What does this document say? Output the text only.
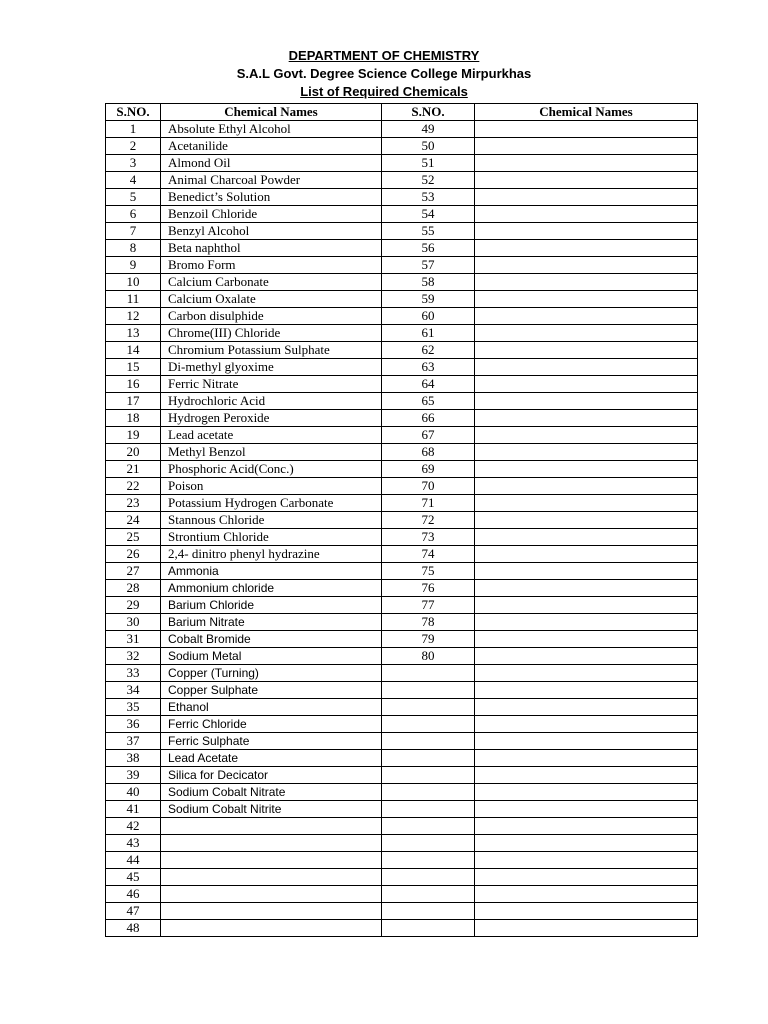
DEPARTMENT OF CHEMISTRY
S.A.L Govt. Degree Science College Mirpurkhas
List of Required Chemicals
S.NO.	Chemical Names	S.NO.	Chemical Names
1	Absolute Ethyl Alcohol	49	
2	Acetanilide	50	
3	Almond Oil	51	
4	Animal Charcoal Powder	52	
5	Benedict’s Solution	53	
6	Benzoil Chloride	54	
7	Benzyl Alcohol	55	
8	Beta naphthol	56	
9	Bromo Form	57	
10	Calcium Carbonate	58	
11	Calcium Oxalate	59	
12	Carbon disulphide	60	
13	Chrome(III) Chloride	61	
14	Chromium Potassium Sulphate	62	
15	Di-methyl glyoxime	63	
16	Ferric Nitrate	64	
17	Hydrochloric Acid	65	
18	Hydrogen Peroxide	66	
19	Lead acetate	67	
20	Methyl Benzol	68	
21	Phosphoric Acid(Conc.)	69	
22	Poison	70	
23	Potassium Hydrogen Carbonate	71	
24	Stannous Chloride	72	
25	Strontium Chloride	73	
26	2,4- dinitro phenyl hydrazine	74	
27	Ammonia	75	
28	Ammonium chloride	76	
29	Barium Chloride	77	
30	Barium Nitrate	78	
31	Cobalt Bromide	79	
32	Sodium Metal	80	
33	Copper (Turning)		
34	Copper Sulphate		
35	Ethanol		
36	Ferric Chloride		
37	Ferric Sulphate		
38	Lead Acetate		
39	Silica for Decicator		
40	Sodium Cobalt Nitrate		
41	Sodium Cobalt Nitrite		
42			
43			
44			
45			
46			
47			
48			
